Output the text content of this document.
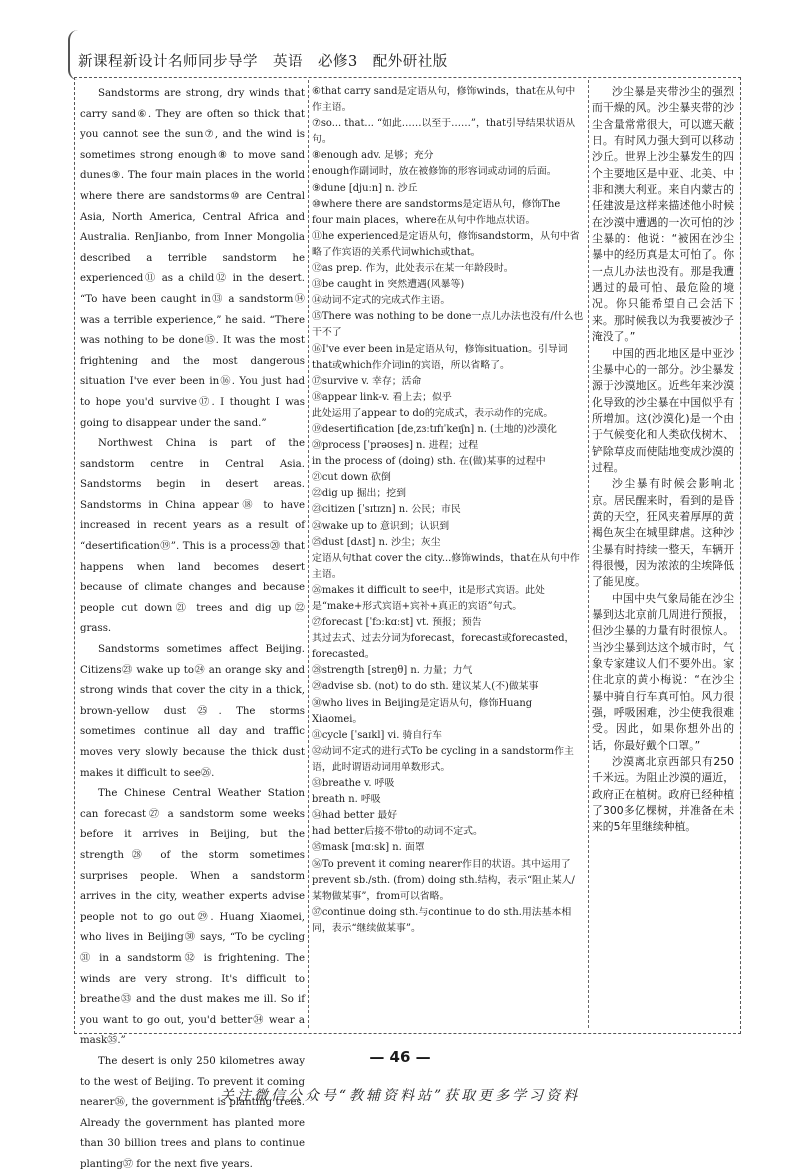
新课程新设计名师同步导学　英语　必修3　配外研社版

Sandstorms are strong, dry winds that carry sand⑥. They are often so thick that you cannot see the sun⑦, and the wind is sometimes strong enough⑧ to move sand dunes⑨. The four main places in the world where there are sandstorms⑩ are Central Asia, North America, Central Africa and Australia. RenJianbo, from Inner Mongolia described a terrible sandstorm he experienced⑪ as a child⑫ in the desert. “To have been caught in⑬ a sandstorm⑭ was a terrible experience,” he said. “There was nothing to be done⑮. It was the most frightening and the most dangerous situation I've ever been in⑯. You just had to hope you'd survive⑰. I thought I was going to disappear under the sand.”

Northwest China is part of the sandstorm centre in Central Asia. Sandstorms begin in desert areas. Sandstorms in China appear⑱ to have increased in recent years as a result of “desertification⑲”. This is a process⑳ that happens when land becomes desert because of climate changes and because people cut down㉑ trees and dig up㉒ grass.

Sandstorms sometimes affect Beijing. Citizens㉓ wake up to㉔ an orange sky and strong winds that cover the city in a thick, brown-yellow dust㉕. The storms sometimes continue all day and traffic moves very slowly because the thick dust makes it difficult to see㉖.

The Chinese Central Weather Station can forecast㉗ a sandstorm some weeks before it arrives in Beijing, but the strength㉘ of the storm sometimes surprises people. When a sandstorm arrives in the city, weather experts advise people not to go out㉙. Huang Xiaomei, who lives in Beijing㉚ says, “To be cycling㉛ in a sandstorm㉜ is frightening. The winds are very strong. It's difficult to breathe㉝ and the dust makes me ill. So if you want to go out, you'd better㉞ wear a mask㉟.”

The desert is only 250 kilometres away to the west of Beijing. To prevent it coming nearer㊱, the government is planting trees. Already the government has planted more than 30 billion trees and plans to continue planting㊲ for the next five years.

⑥that carry sand是定语从句，修饰winds，that在从句中作主语。

⑦so... that... “如此……以至于……”，that引导结果状语从句。

⑧enough adv. 足够；充分

enough作副词时，放在被修饰的形容词或动词的后面。

⑨dune [djuːn] n. 沙丘

⑩where there are sandstorms是定语从句，修饰The four main places，where在从句中作地点状语。

⑪he experienced是定语从句，修饰sandstorm，从句中省略了作宾语的关系代词which或that。

⑫as prep. 作为，此处表示在某一年龄段时。

⑬be caught in 突然遭遇(风暴等)

⑭动词不定式的完成式作主语。

⑮There was nothing to be done一点儿办法也没有/什么也干不了

⑯I've ever been in是定语从句，修饰situation。引导词that或which作介词in的宾语，所以省略了。

⑰survive v. 幸存；活命

⑱appear link-v. 看上去；似乎

此处运用了appear to do的完成式，表示动作的完成。

⑲desertification [deˌzɜːtɪfɪˈkeɪʃn] n. (土地的)沙漠化

⑳process [ˈprəʊses] n. 进程；过程

in the process of (doing) sth. 在(做)某事的过程中

㉑cut down 砍倒

㉒dig up 掘出；挖到

㉓citizen [ˈsɪtɪzn] n. 公民；市民

㉔wake up to 意识到；认识到

㉕dust [dʌst] n. 沙尘；灰尘

定语从句that cover the city...修饰winds，that在从句中作主语。

㉖makes it difficult to see中，it是形式宾语。此处是“make+形式宾语+宾补+真正的宾语”句式。

㉗forecast [ˈfɔːkɑːst] vt. 预报；预告

其过去式、过去分词为forecast，forecast或forecasted，forecasted。

㉘strength [streŋθ] n. 力量；力气

㉙advise sb. (not) to do sth. 建议某人(不)做某事

㉚who lives in Beijing是定语从句，修饰Huang Xiaomei。

㉛cycle [ˈsaɪkl] vi. 骑自行车

㉜动词不定式的进行式To be cycling in a sandstorm作主语，此时谓语动词用单数形式。

㉝breathe v. 呼吸

breath n. 呼吸

㉞had better 最好

had better后接不带to的动词不定式。

㉟mask [mɑːsk] n. 面罩

㊱To prevent it coming nearer作目的状语。其中运用了prevent sb./sth. (from) doing sth.结构，表示“阻止某人/某物做某事”，from可以省略。

㊲continue doing sth.与continue to do sth.用法基本相同，表示“继续做某事”。

沙尘暴是夹带沙尘的强烈而干燥的风。沙尘暴夹带的沙尘含量常常很大，可以遮天蔽日。有时风力强大到可以移动沙丘。世界上沙尘暴发生的四个主要地区是中亚、北美、中非和澳大利亚。来自内蒙古的任建波是这样来描述他小时候在沙漠中遭遇的一次可怕的沙尘暴的：他说：“被困在沙尘暴中的经历真是太可怕了。你一点儿办法也没有。那是我遭遇过的最可怕、最危险的境况。你只能希望自己会活下来。那时候我以为我要被沙子淹没了。”

中国的西北地区是中亚沙尘暴中心的一部分。沙尘暴发源于沙漠地区。近些年来沙漠化导致的沙尘暴在中国似乎有所增加。这(沙漠化)是一个由于气候变化和人类砍伐树木、铲除草皮而使陆地变成沙漠的过程。

沙尘暴有时候会影响北京。居民醒来时，看到的是昏黄的天空，狂风夹着厚厚的黄褐色灰尘在城里肆虐。这种沙尘暴有时持续一整天，车辆开得很慢，因为浓浓的尘埃降低了能见度。

中国中央气象局能在沙尘暴到达北京前几周进行预报，但沙尘暴的力量有时很惊人。当沙尘暴到达这个城市时，气象专家建议人们不要外出。家住北京的黄小梅说：“在沙尘暴中骑自行车真可怕。风力很强，呼吸困难，沙尘使我很难受。因此，如果你想外出的话，你最好戴个口罩。”

沙漠离北京西部只有250千米远。为阻止沙漠的逼近，政府正在植树。政府已经种植了300多亿棵树，并准备在未来的5年里继续种植。

— 46 —
关注微信公众号“教辅资料站”获取更多学习资料
